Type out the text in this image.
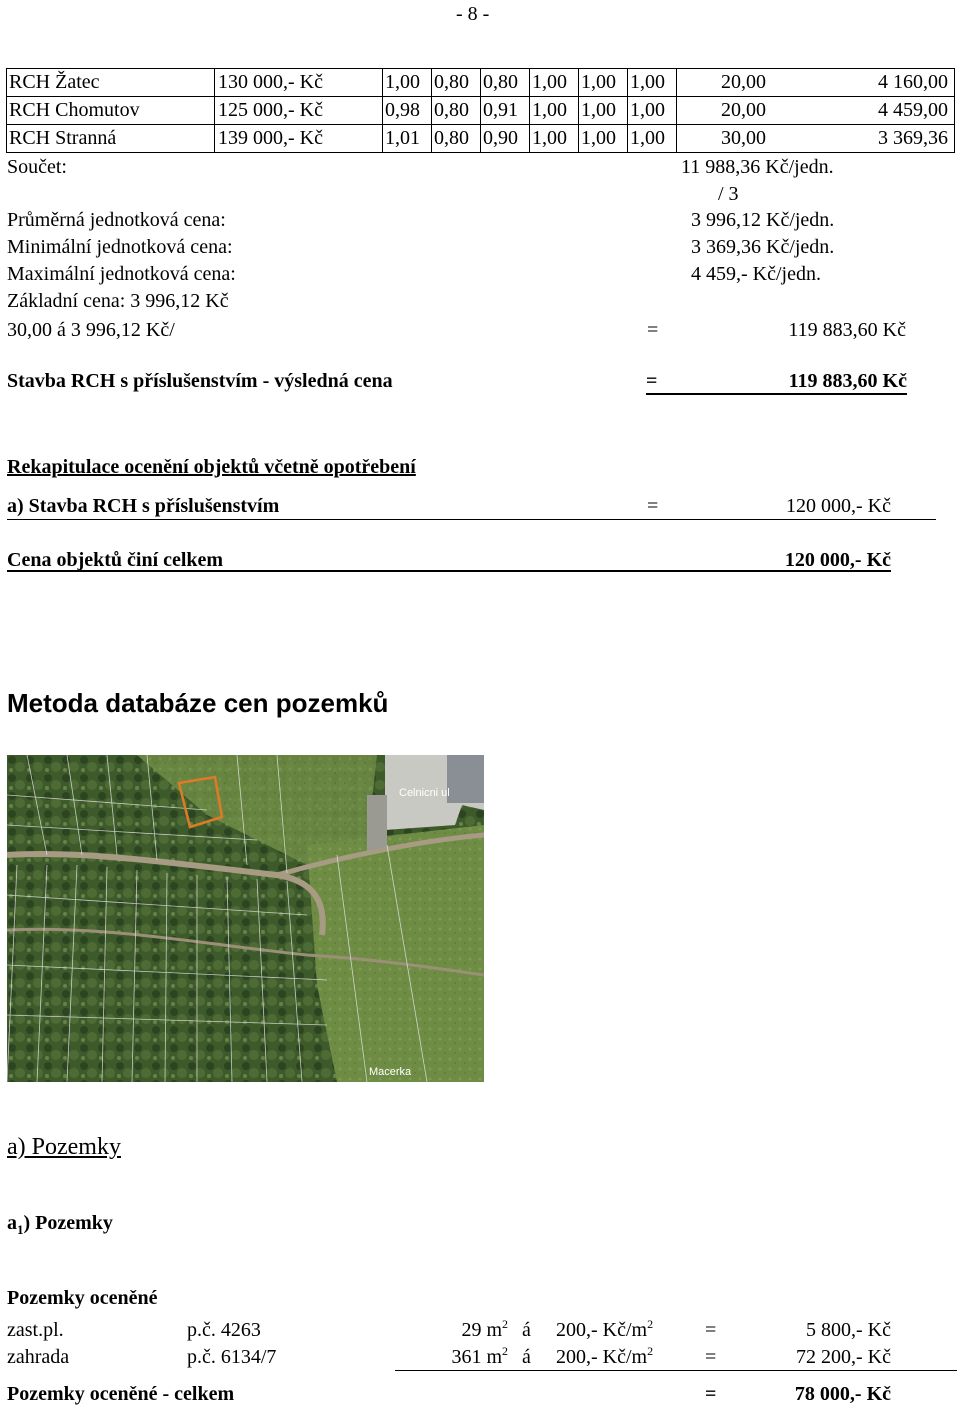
- 8 -
RCH Žatec	130 000,- Kč	1,00 0,80 0,80 1,00 1,00 1,00	20,00	4 160,00
RCH Chomutov	125 000,- Kč	0,98 0,80 0,91 1,00 1,00 1,00	20,00	4 459,00
RCH Stranná	139 000,- Kč	1,01 0,80 0,90 1,00 1,00 1,00	30,00	3 369,36
Součet:	11 988,36 Kč/jedn.
/ 3
Průměrná jednotková cena:	3 996,12 Kč/jedn.
Minimální jednotková cena:	3 369,36 Kč/jedn.
Maximální jednotková cena:	4 459,- Kč/jedn.
Základní cena: 3 996,12 Kč
30,00 á 3 996,12 Kč/	=	119 883,60 Kč
Stavba RCH s příslušenstvím - výsledná cena	=	119 883,60 Kč
Rekapitulace ocenění objektů včetně opotřebení
a) Stavba RCH s příslušenstvím	=	120 000,- Kč
Cena objektů činí celkem	120 000,- Kč
Metoda databáze cen pozemků
Celnicni ul
Macerka
a) Pozemky
$a_1$) Pozemky
Pozemky oceněné
zast.pl.	p.č. 4263	29 $m^2$ á 200,- $Kč/m^2$	=	5 800,- Kč
zahrada	p.č. 6134/7	361 $m^2$ á 200,- $Kč/m^2$	=	72 200,- Kč
Pozemky oceněné - celkem	=	78 000,- Kč
